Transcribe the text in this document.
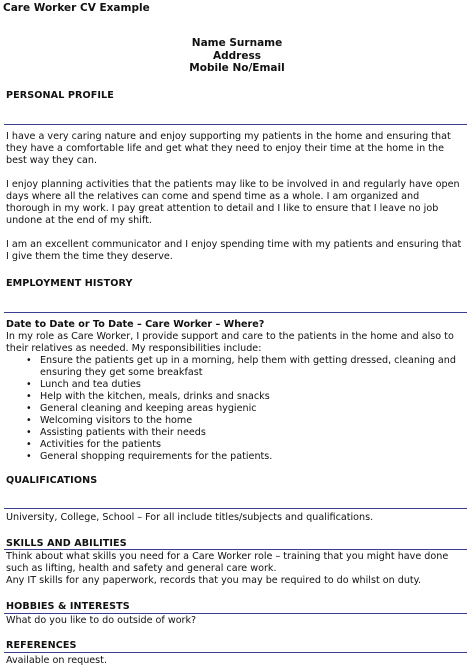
Care Worker CV Example
Name Surname
Address
Mobile No/Email
PERSONAL PROFILE

I have a very caring nature and enjoy supporting my patients in the home and ensuring that they have a comfortable life and get what they need to enjoy their time at the home in the best way they can.

I enjoy planning activities that the patients may like to be involved in and regularly have open days where all the relatives can come and spend time as a whole. I am organized and thorough in my work. I pay great attention to detail and I like to ensure that I leave no job undone at the end of my shift.

I am an excellent communicator and I enjoy spending time with my patients and ensuring that I give them the time they deserve.

EMPLOYMENT HISTORY
Date to Date or To Date – Care Worker – Where?
In my role as Care Worker, I provide support and care to the patients in the home and also to their relatives as needed. My responsibilities include:
• Ensure the patients get up in a morning, help them with getting dressed, cleaning and ensuring they get some breakfast
• Lunch and tea duties
• Help with the kitchen, meals, drinks and snacks
• General cleaning and keeping areas hygienic
• Welcoming visitors to the home
• Assisting patients with their needs
• Activities for the patients
• General shopping requirements for the patients.
QUALIFICATIONS
University, College, School – For all include titles/subjects and qualifications.
SKILLS AND ABILITIES
Think about what skills you need for a Care Worker role – training that you might have done such as lifting, health and safety and general care work.
Any IT skills for any paperwork, records that you may be required to do whilst on duty.
HOBBIES & INTERESTS
What do you like to do outside of work?
REFERENCES
Available on request.
